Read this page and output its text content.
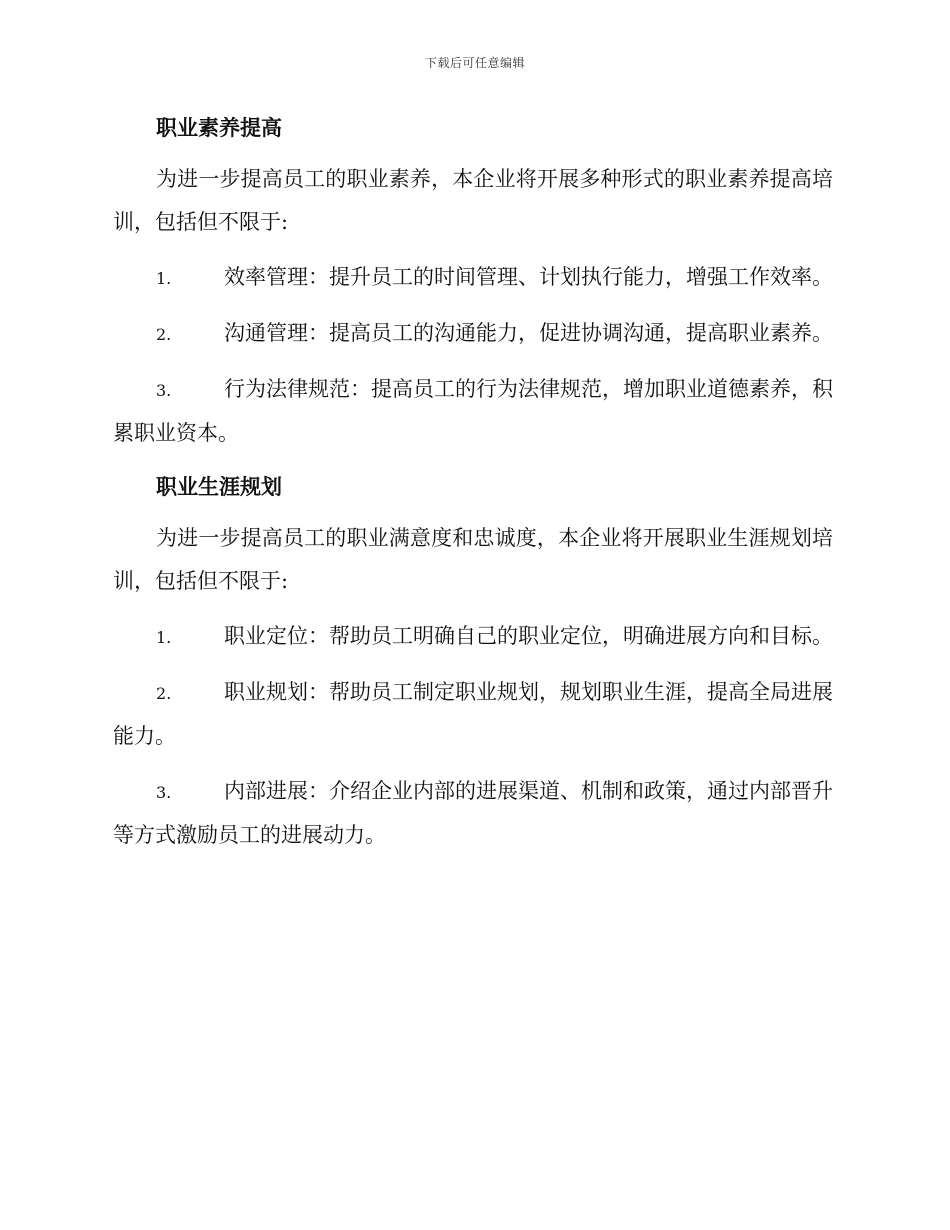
下载后可任意编辑
职业素养提高

为进一步提高员工的职业素养，本企业将开展多种形式的职业素养提高培训，包括但不限于:

1.	效率管理：提升员工的时间管理、计划执行能力，增强工作效率。

2.	沟通管理：提高员工的沟通能力，促进协调沟通，提高职业素养。

3.	行为法律规范：提高员工的行为法律规范，增加职业道德素养，积累职业资本。

职业生涯规划

为进一步提高员工的职业满意度和忠诚度，本企业将开展职业生涯规划培训，包括但不限于:

1.	职业定位：帮助员工明确自己的职业定位，明确进展方向和目标。

2.	职业规划：帮助员工制定职业规划，规划职业生涯，提高全局进展能力。

3.	内部进展：介绍企业内部的进展渠道、机制和政策，通过内部晋升等方式激励员工的进展动力。
